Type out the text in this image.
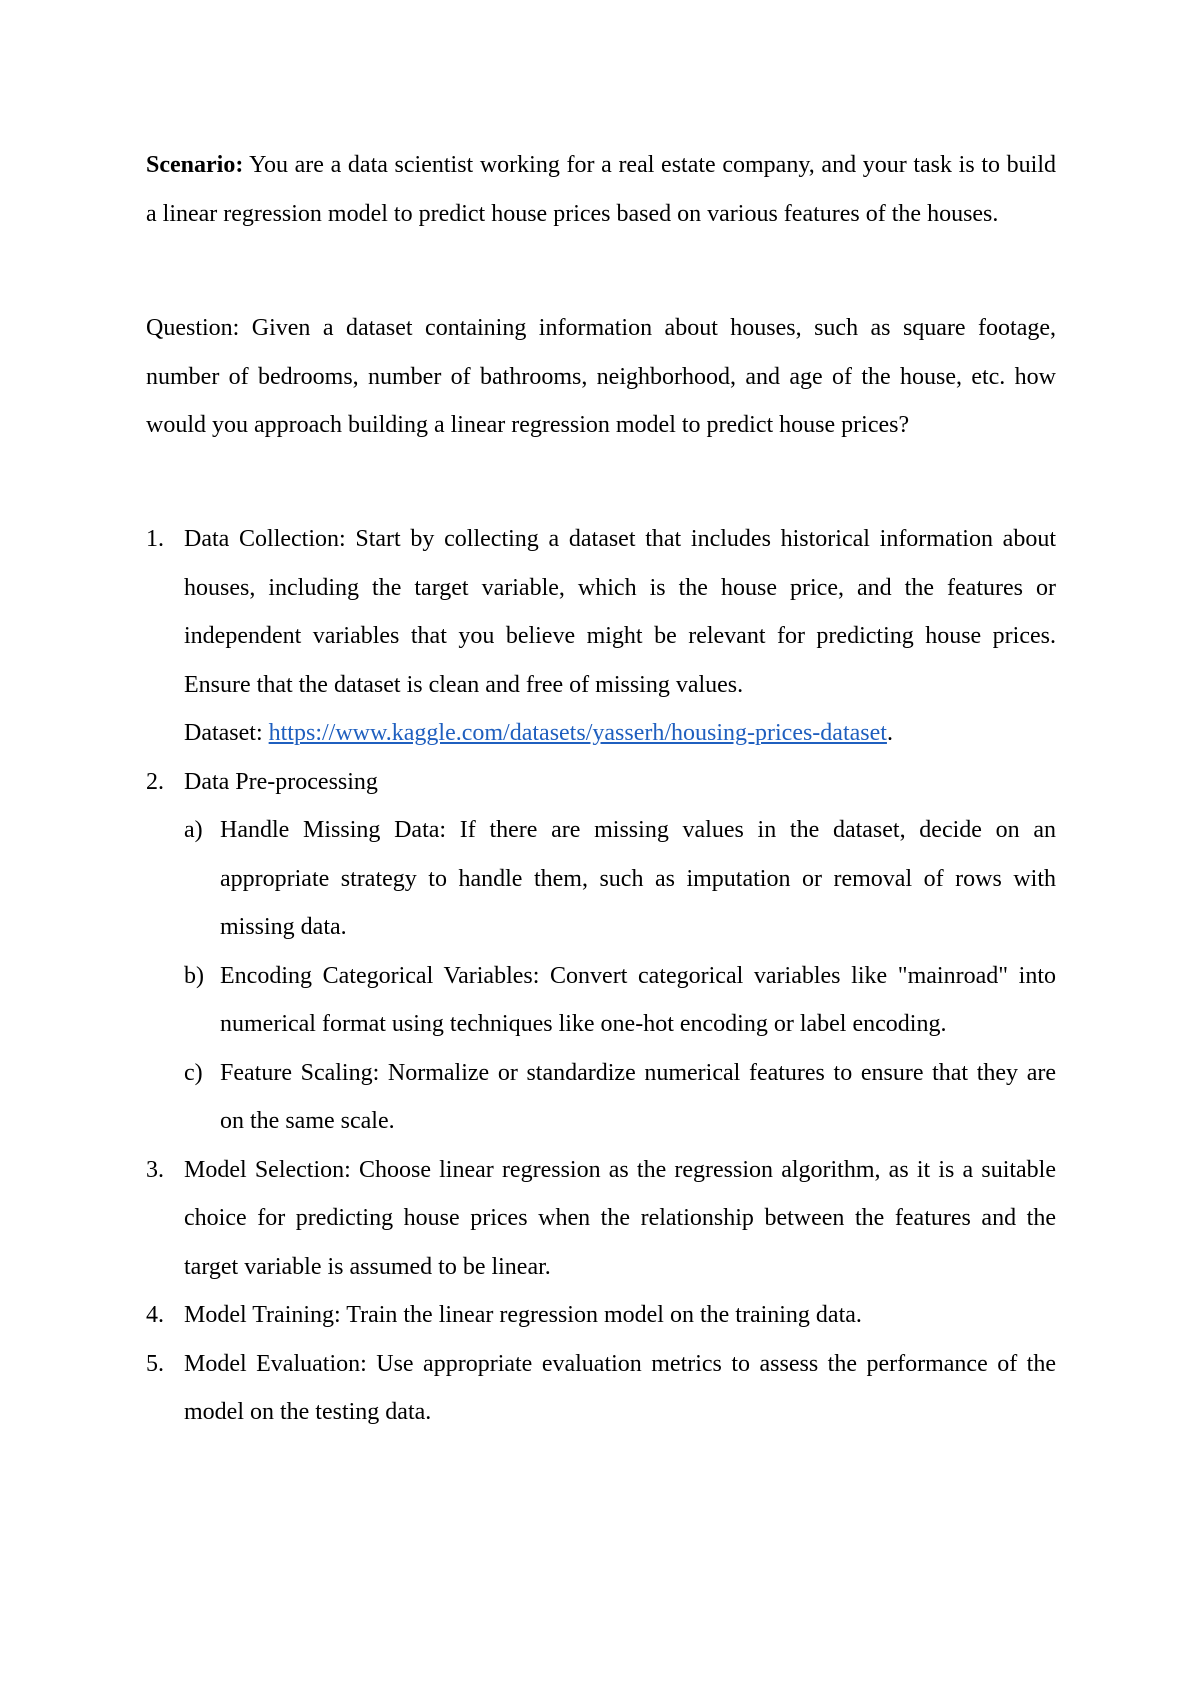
Scenario: You are a data scientist working for a real estate company, and your task is to build a linear regression model to predict house prices based on various features of the houses.

Question: Given a dataset containing information about houses, such as square footage, number of bedrooms, number of bathrooms, neighborhood, and age of the house, etc. how would you approach building a linear regression model to predict house prices?

1. Data Collection: Start by collecting a dataset that includes historical information about houses, including the target variable, which is the house price, and the features or independent variables that you believe might be relevant for predicting house prices. Ensure that the dataset is clean and free of missing values.
Dataset: https://www.kaggle.com/datasets/yasserh/housing-prices-dataset.
2. Data Pre-processing
a) Handle Missing Data: If there are missing values in the dataset, decide on an appropriate strategy to handle them, such as imputation or removal of rows with missing data.
b) Encoding Categorical Variables: Convert categorical variables like "mainroad" into numerical format using techniques like one-hot encoding or label encoding.
c) Feature Scaling: Normalize or standardize numerical features to ensure that they are on the same scale.
3. Model Selection: Choose linear regression as the regression algorithm, as it is a suitable choice for predicting house prices when the relationship between the features and the target variable is assumed to be linear.
4. Model Training: Train the linear regression model on the training data.
5. Model Evaluation: Use appropriate evaluation metrics to assess the performance of the model on the testing data.
